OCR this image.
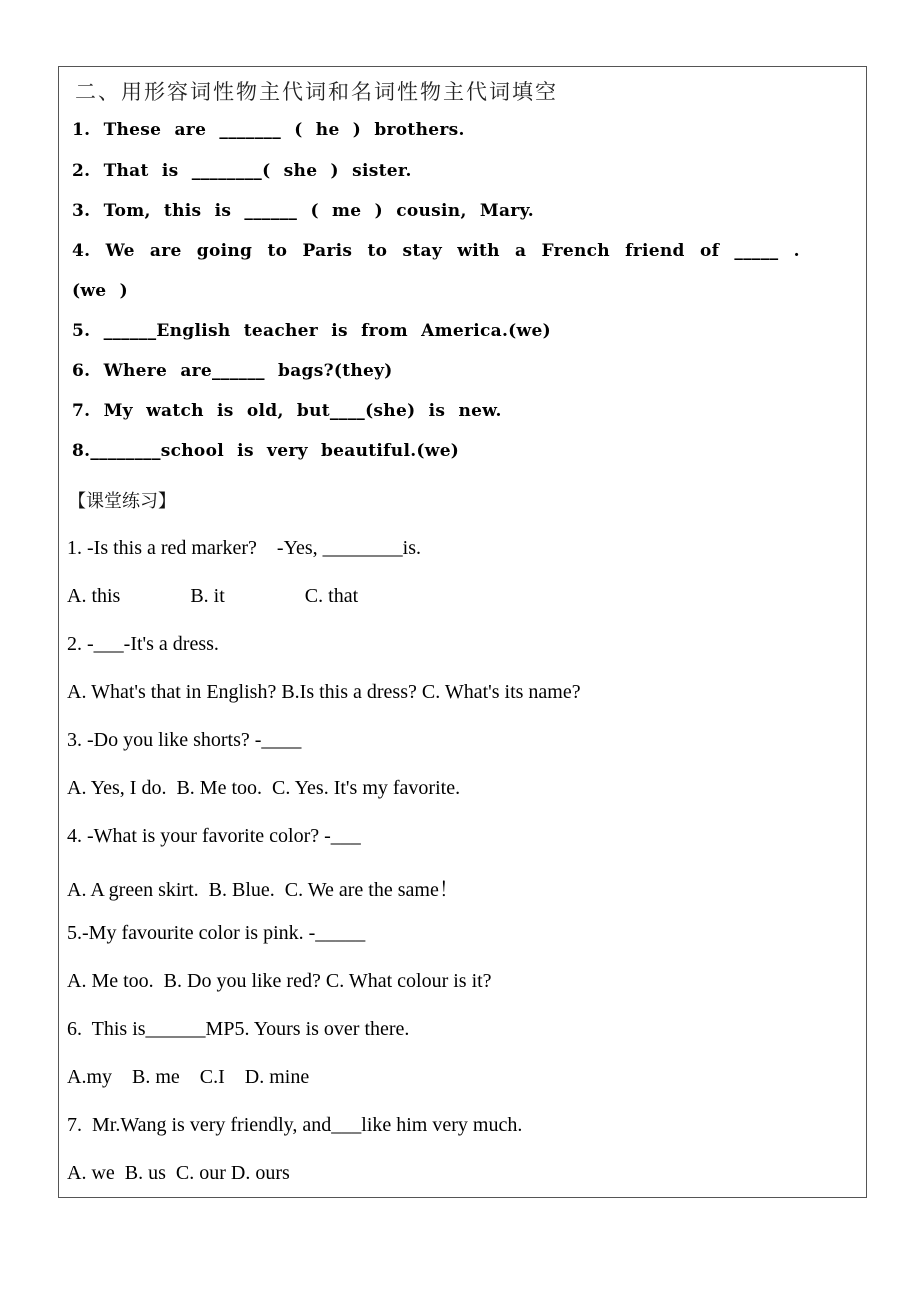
二、用形容词性物主代词和名词性物主代词填空
1. These are _______ ( he ) brothers.
2. That is ________( she ) sister.
3. Tom, this is ______ ( me ) cousin, Mary.
4. We are going to Paris to stay with a French friend of _____ .
(we )
5. ______English teacher is from America.(we)
6. Where are______ bags?(they)
7. My watch is old, but____(she) is new.
8.________school is very beautiful.(we)
【课堂练习】
1. -Is this a red marker?    -Yes, ________is.
A. this              B. it                C. that
2. -___-It's a dress.
A. What's that in English? B.Is this a dress? C. What's its name?
3. -Do you like shorts? -____
A. Yes, I do.  B. Me too.  C. Yes. It's my favorite.
4. -What is your favorite color? -___
A. A green skirt.  B. Blue.  C. We are the same！
5.-My favourite color is pink. -_____
A. Me too.  B. Do you like red? C. What colour is it?
6.  This is______MP5. Yours is over there.
A.my    B. me    C.I    D. mine
7.  Mr.Wang is very friendly, and___like him very much.
A. we  B. us  C. our D. ours
